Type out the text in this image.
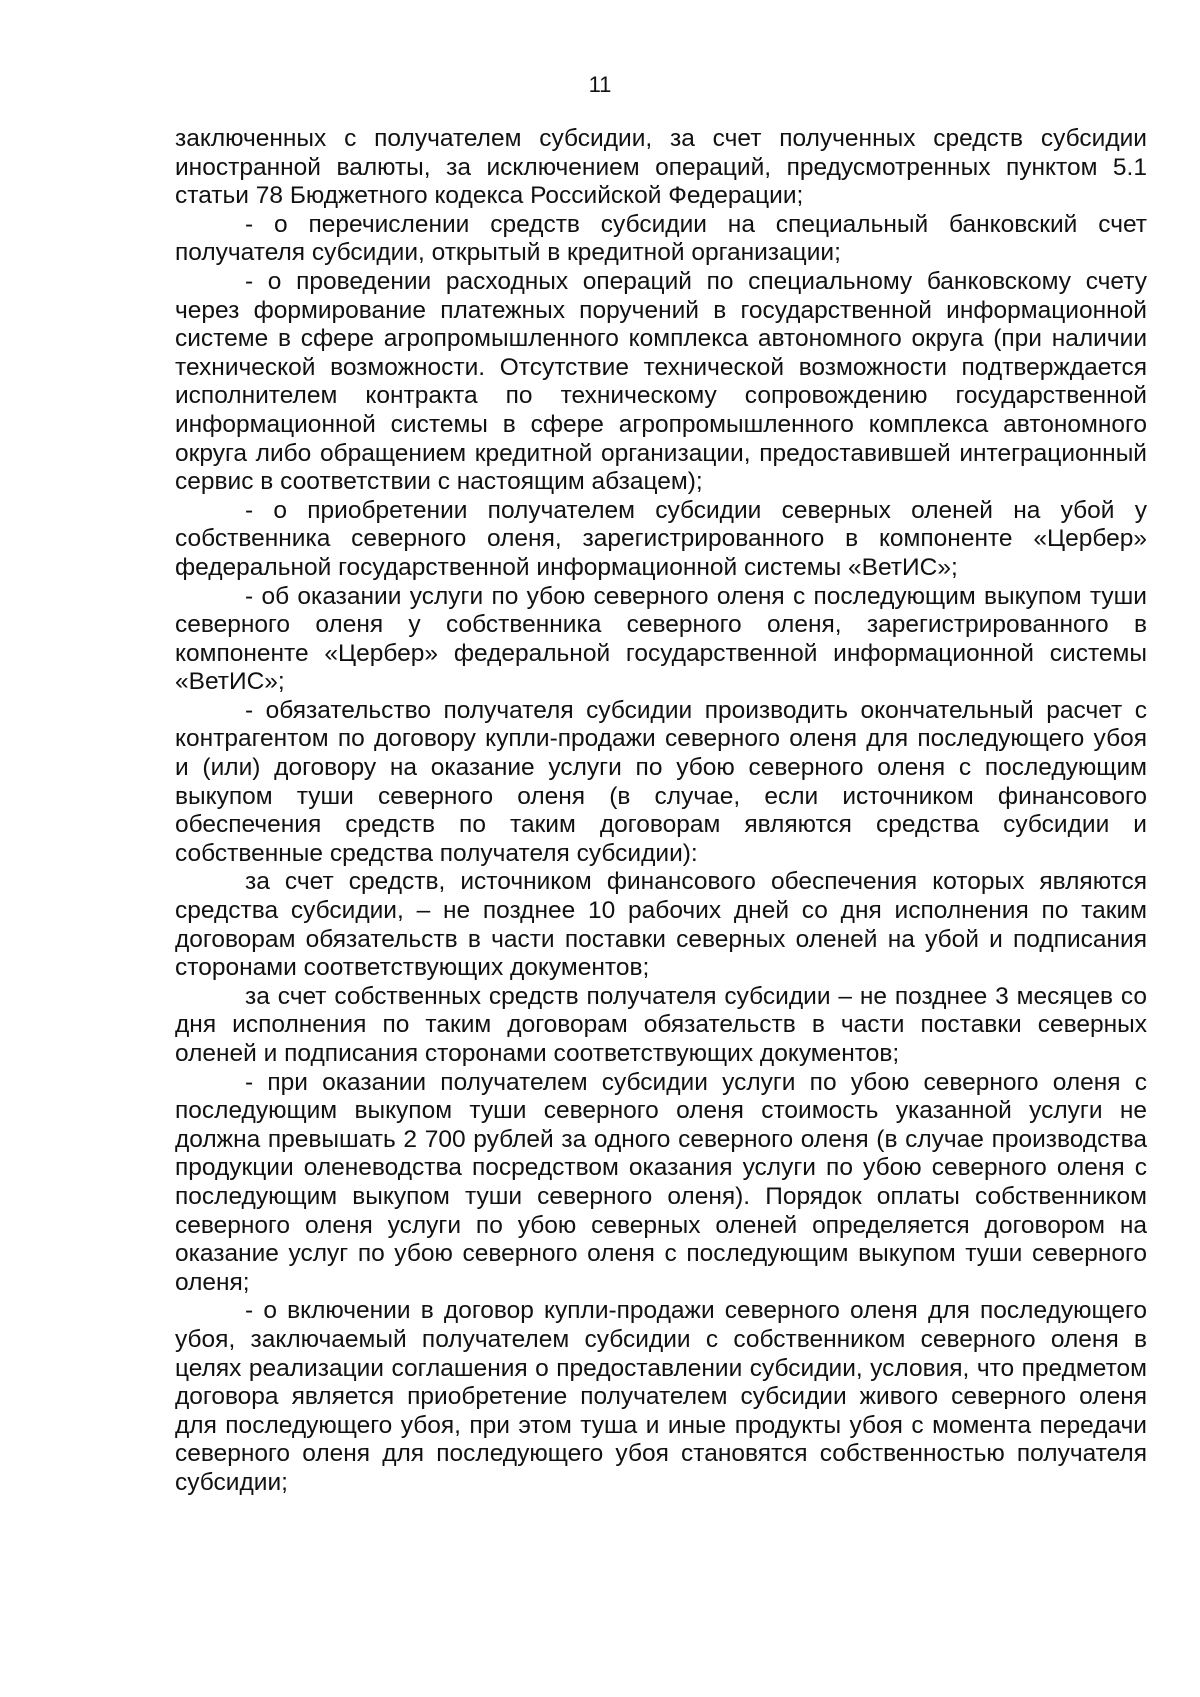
11

заключенных с получателем субсидии, за счет полученных средств субсидии иностранной валюты, за исключением операций, предусмотренных пунктом 5.1 статьи 78 Бюджетного кодекса Российской Федерации;

- о перечислении средств субсидии на специальный банковский счет получателя субсидии, открытый в кредитной организации;

- о проведении расходных операций по специальному банковскому счету через формирование платежных поручений в государственной информационной системе в сфере агропромышленного комплекса автономного округа (при наличии технической возможности. Отсутствие технической возможности подтверждается исполнителем контракта по техническому сопровождению государственной информационной системы в сфере агропромышленного комплекса автономного округа либо обращением кредитной организации, предоставившей интеграционный сервис в соответствии с настоящим абзацем);

- о приобретении получателем субсидии северных оленей на убой у собственника северного оленя, зарегистрированного в компоненте «Цербер» федеральной государственной информационной системы «ВетИС»;

- об оказании услуги по убою северного оленя с последующим выкупом туши северного оленя у собственника северного оленя, зарегистрированного в компоненте «Цербер» федеральной государственной информационной системы «ВетИС»;

- обязательство получателя субсидии производить окончательный расчет с контрагентом по договору купли-продажи северного оленя для последующего убоя и (или) договору на оказание услуги по убою северного оленя с последующим выкупом туши северного оленя (в случае, если источником финансового обеспечения средств по таким договорам являются средства субсидии и собственные средства получателя субсидии):

за счет средств, источником финансового обеспечения которых являются средства субсидии, – не позднее 10 рабочих дней со дня исполнения по таким договорам обязательств в части поставки северных оленей на убой и подписания сторонами соответствующих документов;

за счет собственных средств получателя субсидии – не позднее 3 месяцев со дня исполнения по таким договорам обязательств в части поставки северных оленей и подписания сторонами соответствующих документов;

- при оказании получателем субсидии услуги по убою северного оленя с последующим выкупом туши северного оленя стоимость указанной услуги не должна превышать 2 700 рублей за одного северного оленя (в случае производства продукции оленеводства посредством оказания услуги по убою северного оленя с последующим выкупом туши северного оленя). Порядок оплаты собственником северного оленя услуги по убою северных оленей определяется договором на оказание услуг по убою северного оленя с последующим выкупом туши северного оленя;

- о включении в договор купли-продажи северного оленя для последующего убоя, заключаемый получателем субсидии с собственником северного оленя в целях реализации соглашения о предоставлении субсидии, условия, что предметом договора является приобретение получателем субсидии живого северного оленя для последующего убоя, при этом туша и иные продукты убоя с момента передачи северного оленя для последующего убоя становятся собственностью получателя субсидии;
